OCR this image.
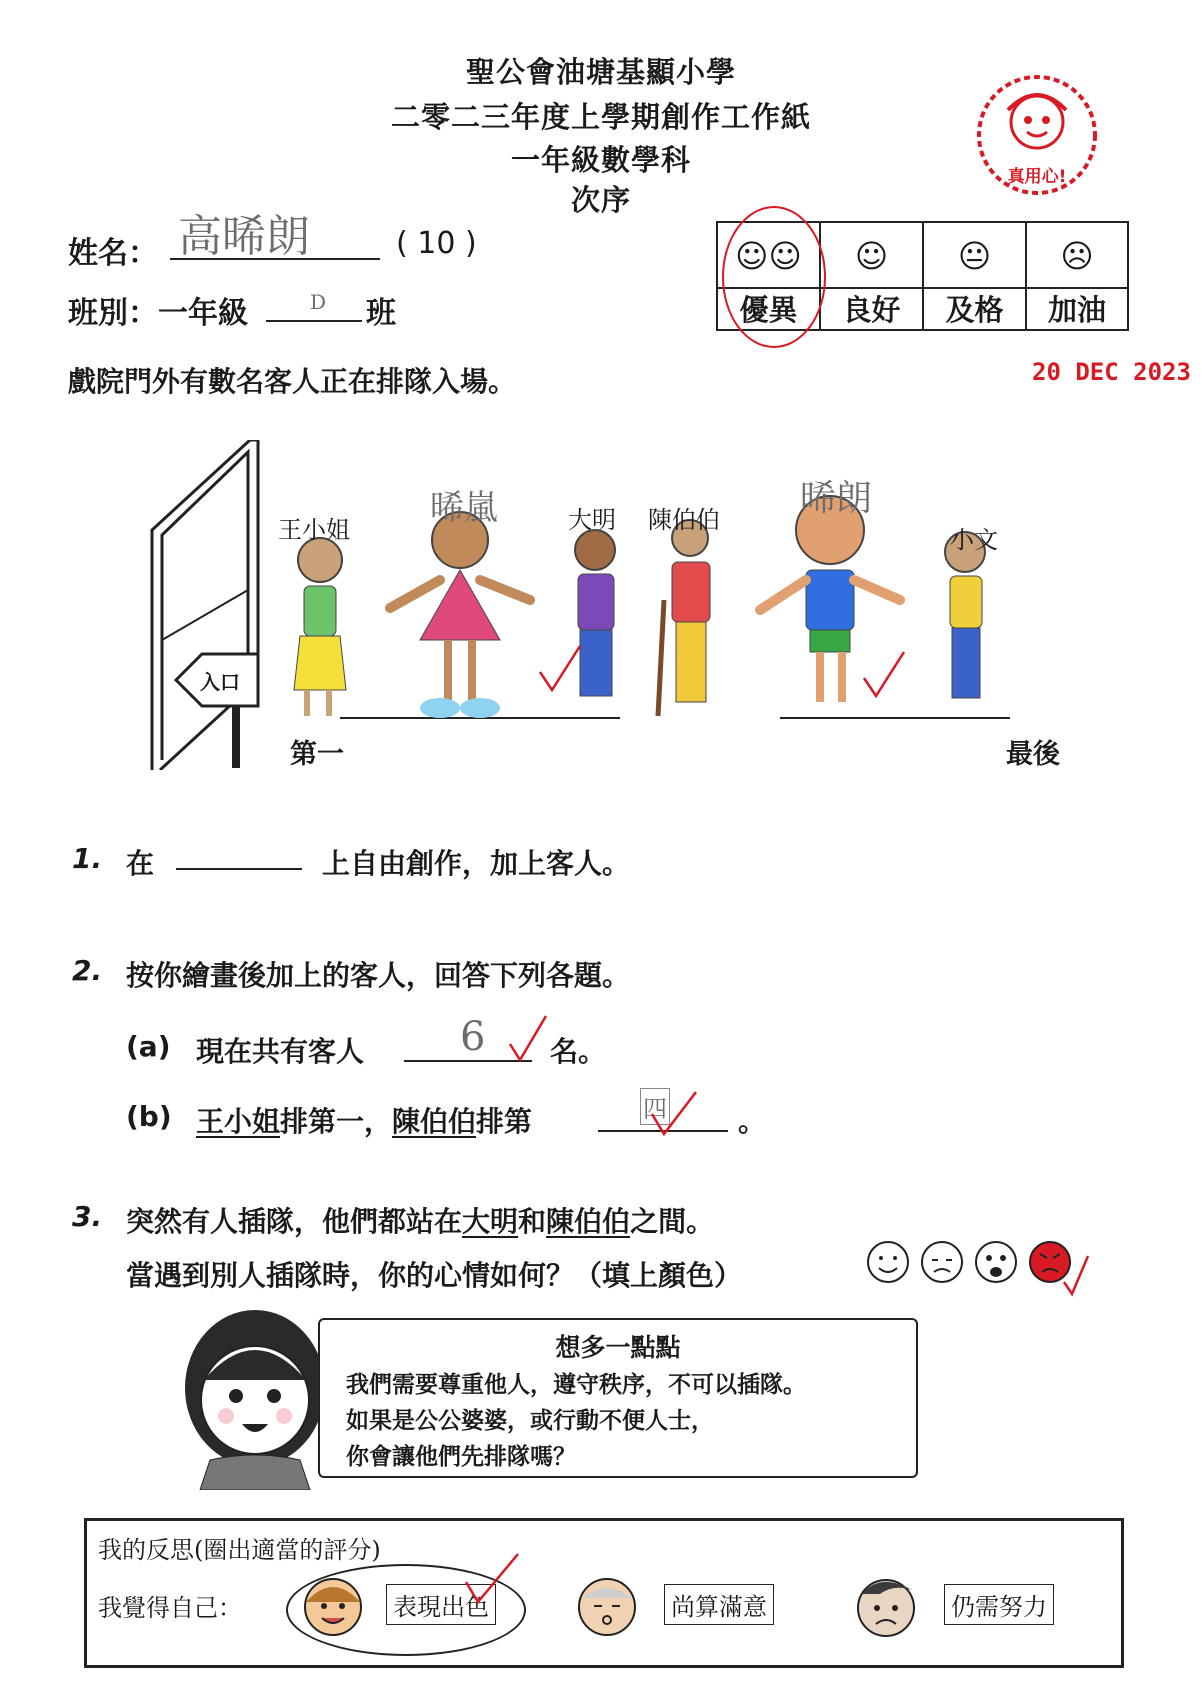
聖公會油塘基顯小學
二零二三年度上學期創作工作紙
一年級數學科
次序
真用心!
姓名： 高晞朗	( 10 )
班別：一年級	D 班
☺☺	☺	😐	☹
優異	良好	及格	加油
20 DEC 2023
戲院門外有數名客人正在排隊入場。
入口
王小姐
晞嵐	大明 陳伯伯
晞朗
小文
第一	最後
1. 在	上自由創作，加上客人。
2. 按你繪畫後加上的客人，回答下列各題。
(a) 現在共有客人 6 名。
(b) 王小姐排第一，陳伯伯排第	四	。
3. 突然有人插隊，他們都站在大明和陳伯伯之間。
當遇到別人插隊時，你的心情如何？（填上顏色）
想多一點點
我們需要尊重他人，遵守秩序，不可以插隊。
如果是公公婆婆，或行動不便人士，
你會讓他們先排隊嗎？
我的反思(圈出適當的評分)
我覺得自己：	表現出色	尚算滿意	仍需努力
